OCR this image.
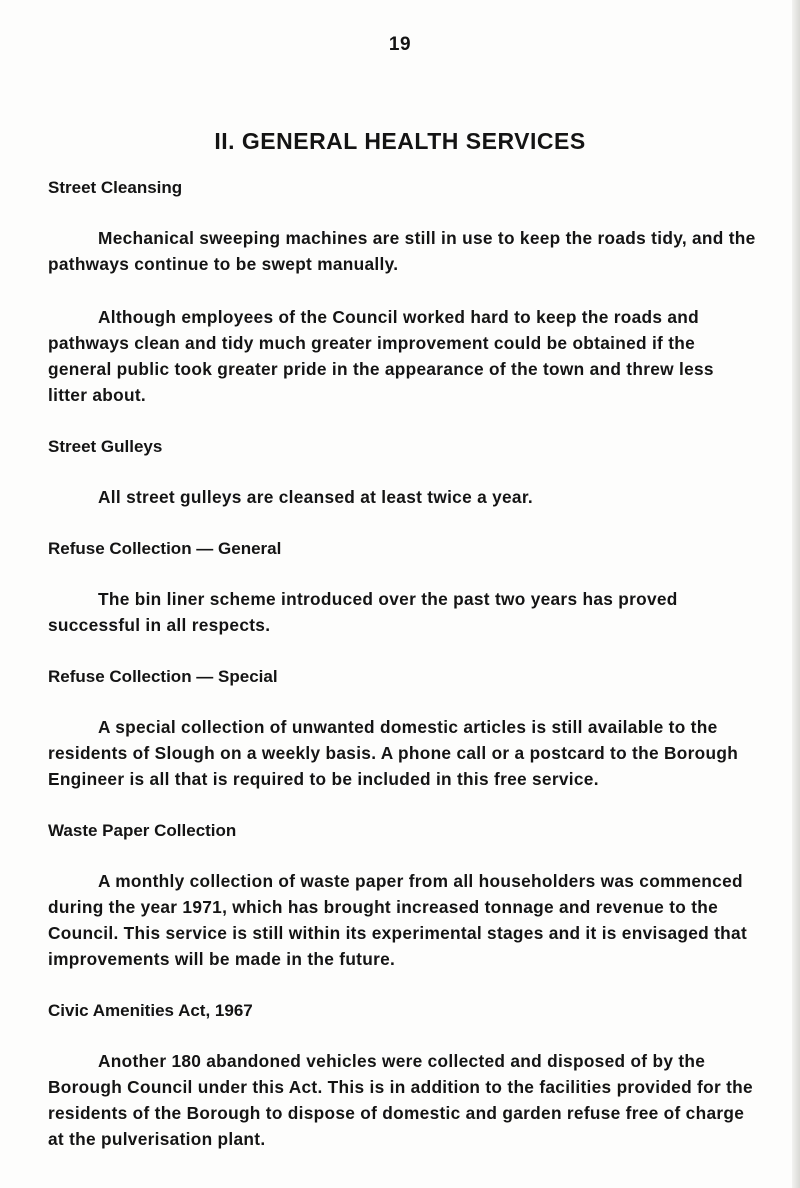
19
II. GENERAL HEALTH SERVICES
Street Cleansing

Mechanical sweeping machines are still in use to keep the roads tidy, and the pathways continue to be swept manually.

Although employees of the Council worked hard to keep the roads and pathways clean and tidy much greater improvement could be obtained if the general public took greater pride in the appearance of the town and threw less litter about.

Street Gulleys

All street gulleys are cleansed at least twice a year.

Refuse Collection — General

The bin liner scheme introduced over the past two years has proved successful in all respects.

Refuse Collection — Special

A special collection of unwanted domestic articles is still available to the residents of Slough on a weekly basis. A phone call or a postcard to the Borough Engineer is all that is required to be included in this free service.

Waste Paper Collection

A monthly collection of waste paper from all householders was commenced during the year 1971, which has brought increased tonnage and revenue to the Council. This service is still within its experimental stages and it is envisaged that improvements will be made in the future.

Civic Amenities Act, 1967

Another 180 abandoned vehicles were collected and disposed of by the Borough Council under this Act. This is in addition to the facilities provided for the residents of the Borough to dispose of domestic and garden refuse free of charge at the pulverisation plant.
